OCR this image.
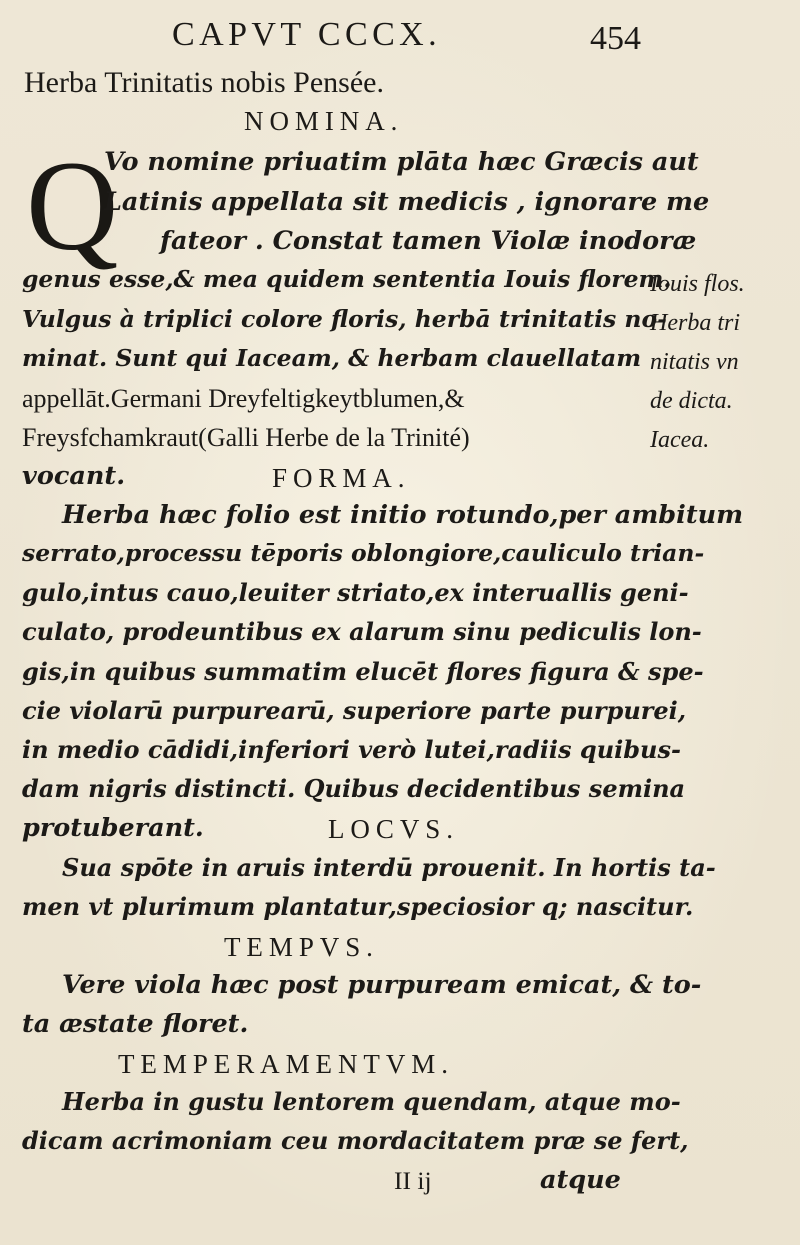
CAPVT CCCX.	454
Herba Trinitatis nobis Pensée.
NOMINA.
Q
Vo nomine priuatim plāta hæc Græcis aut
Latinis appellata sit medicis , ignorare me
fateor . Constat tamen Violæ inodoræ
genus esse,& mea quidem sententia Iouis florem.
Vulgus à triplici colore floris, herbā trinitatis no-
minat. Sunt qui Iaceam, & herbam clauellatam
appellāt.Germani Dreyfeltigkeytblumen,&
Freysfchamkraut(Galli Herbe de la Trinité)
vocant.	FORMA.
Herba hæc folio est initio rotundo,per ambitum
serrato,processu tēporis oblongiore,cauliculo trian-
gulo,intus cauo,leuiter striato,ex interuallis geni-
culato, prodeuntibus ex alarum sinu pediculis lon-
gis,in quibus summatim elucēt flores figura & spe-
cie violarū purpurearū, superiore parte purpurei,
in medio cādidi,inferiori verò lutei,radiis quibus-
dam nigris distincti. Quibus decidentibus semina
protuberant.	LOCVS.
Sua spōte in aruis interdū prouenit. In hortis ta-
men vt plurimum plantatur,speciosior q; nascitur.
TEMPVS.
Vere viola hæc post purpuream emicat, & to-
ta æstate floret.
TEMPERAMENTVM.
Herba in gustu lentorem quendam, atque mo-
dicam acrimoniam ceu mordacitatem præ se fert,
II ij	atque
Iouis flos.
Herba tri
nitatis vn
de dicta.
Iacea.
